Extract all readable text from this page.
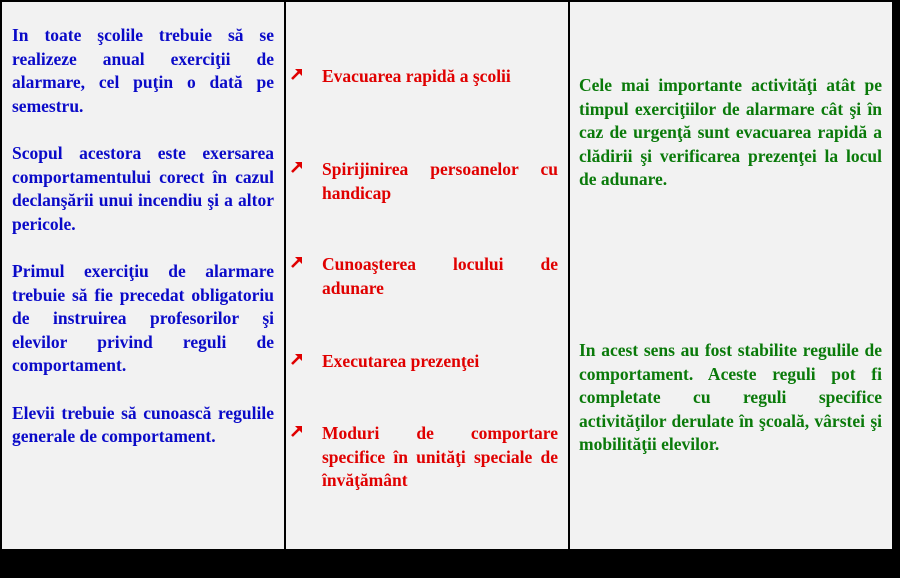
In toate şcolile trebuie să se realizeze anual exerciţii de alarmare, cel puţin o dată pe semestru.

Scopul acestora este exersarea comportamentului corect în cazul declanşării unui incendiu şi a altor pericole.

Primul exerciţiu de alarmare trebuie să fie precedat obligatoriu de instruirea profesorilor şi elevilor privind reguli de comportament.

Elevii trebuie să cunoască regulile generale de comportament.

Evacuarea rapidă a şcolii

Spirijinirea persoanelor cu handicap

Cunoaşterea locului de adunare

Executarea prezenţei

Moduri de comportare specifice în unităţi speciale de învăţământ

Cele mai importante activităţi atât pe timpul exerciţiilor de alarmare cât şi în caz de urgenţă sunt evacuarea rapidă a clădirii şi verificarea prezenţei la locul de adunare.

In acest sens au fost stabilite regulile de comportament. Aceste reguli pot fi completate cu reguli specifice activităţilor derulate în şcoală, vârstei şi mobilităţii elevilor.
